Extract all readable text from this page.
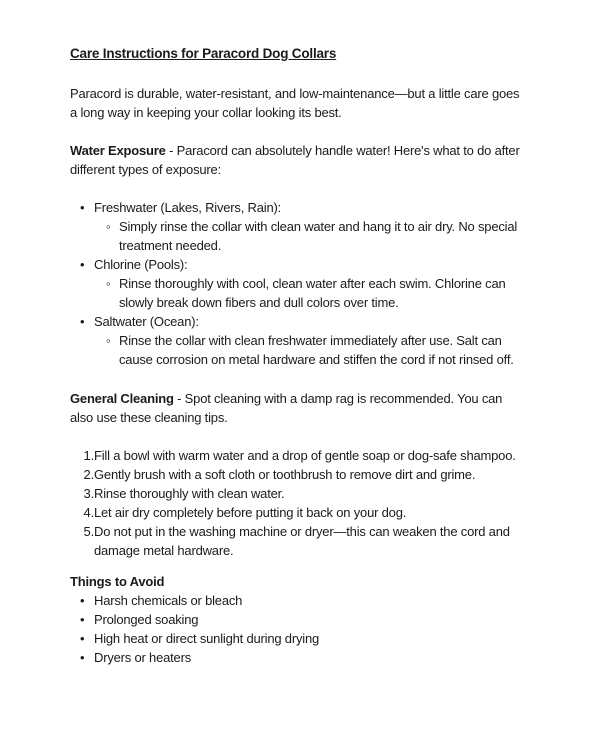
Care Instructions for Paracord Dog Collars

Paracord is durable, water-resistant, and low-maintenance—but a little care goes a long way in keeping your collar looking its best.

Water Exposure - Paracord can absolutely handle water! Here's what to do after different types of exposure:

• Freshwater (Lakes, Rivers, Rain):
◦ Simply rinse the collar with clean water and hang it to air dry. No special treatment needed.
• Chlorine (Pools):
◦ Rinse thoroughly with cool, clean water after each swim. Chlorine can slowly break down fibers and dull colors over time.
• Saltwater (Ocean):
◦ Rinse the collar with clean freshwater immediately after use. Salt can cause corrosion on metal hardware and stiffen the cord if not rinsed off.

General Cleaning - Spot cleaning with a damp rag is recommended. You can also use these cleaning tips.

1. Fill a bowl with warm water and a drop of gentle soap or dog-safe shampoo.
2. Gently brush with a soft cloth or toothbrush to remove dirt and grime.
3. Rinse thoroughly with clean water.
4. Let air dry completely before putting it back on your dog.
5. Do not put in the washing machine or dryer—this can weaken the cord and damage metal hardware.
Things to Avoid
• Harsh chemicals or bleach
• Prolonged soaking
• High heat or direct sunlight during drying
• Dryers or heaters
